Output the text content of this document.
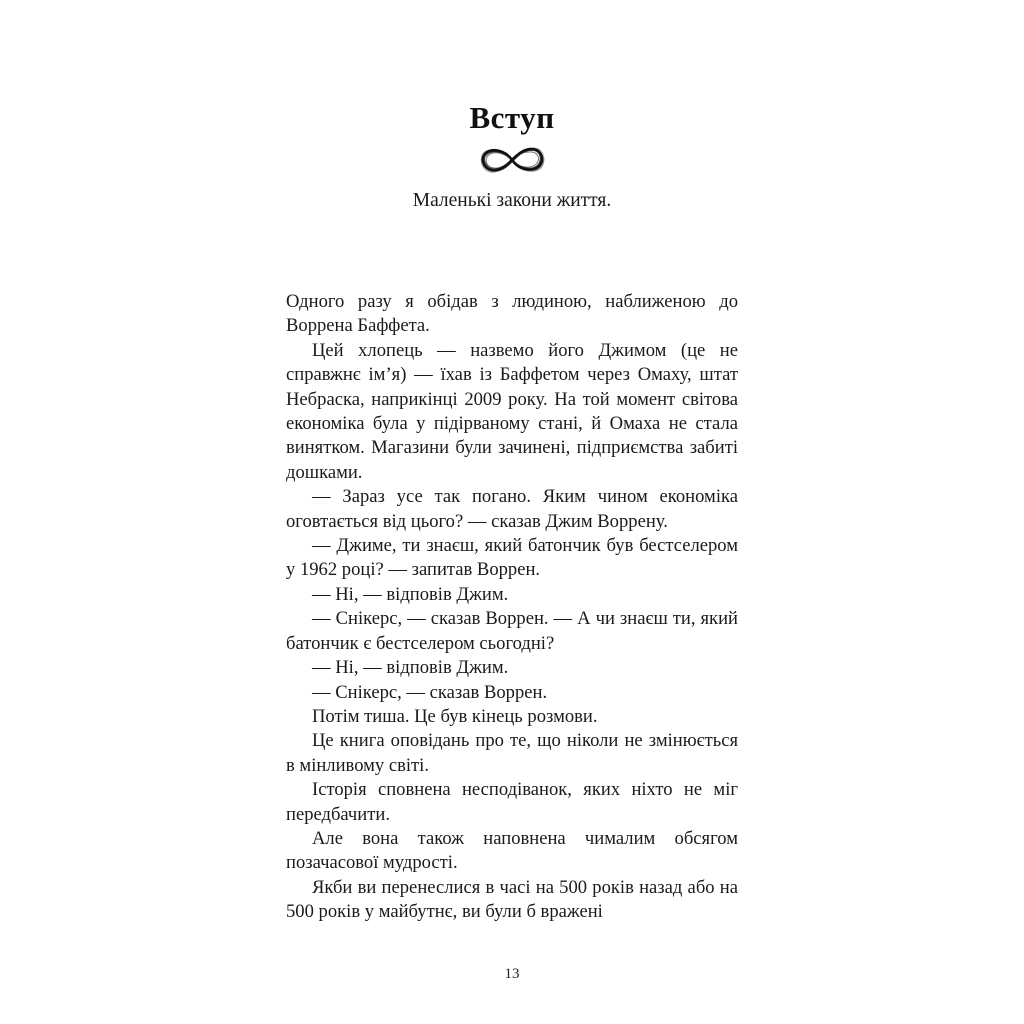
Вступ

Маленькі закони життя.

Одного разу я обідав з людиною, наближеною до Воррена Баффета.

Цей хлопець — назвемо його Джимом (це не справжнє ім’я) — їхав із Баффетом через Омаху, штат Небраска, наприкінці 2009 року. На той момент світова економіка була у підірваному стані, й Омаха не стала винятком. Магазини були зачинені, підприємства забиті дошками.

— Зараз усе так погано. Яким чином економіка оговтається від цього? — сказав Джим Воррену.

— Джиме, ти знаєш, який батончик був бестселером у 1962 році? — запитав Воррен.

— Ні, — відповів Джим.

— Снікерс, — сказав Воррен. — А чи знаєш ти, який батончик є бестселером сьогодні?

— Ні, — відповів Джим.

— Снікерс, — сказав Воррен.

Потім тиша. Це був кінець розмови.

Це книга оповідань про те, що ніколи не змінюється в мінливому світі.

Історія сповнена несподіванок, яких ніхто не міг передбачити.

Але вона також наповнена чималим обсягом позачасової мудрості.

Якби ви перенеслися в часі на 500 років назад або на 500 років у майбутнє, ви були б вражені

13
